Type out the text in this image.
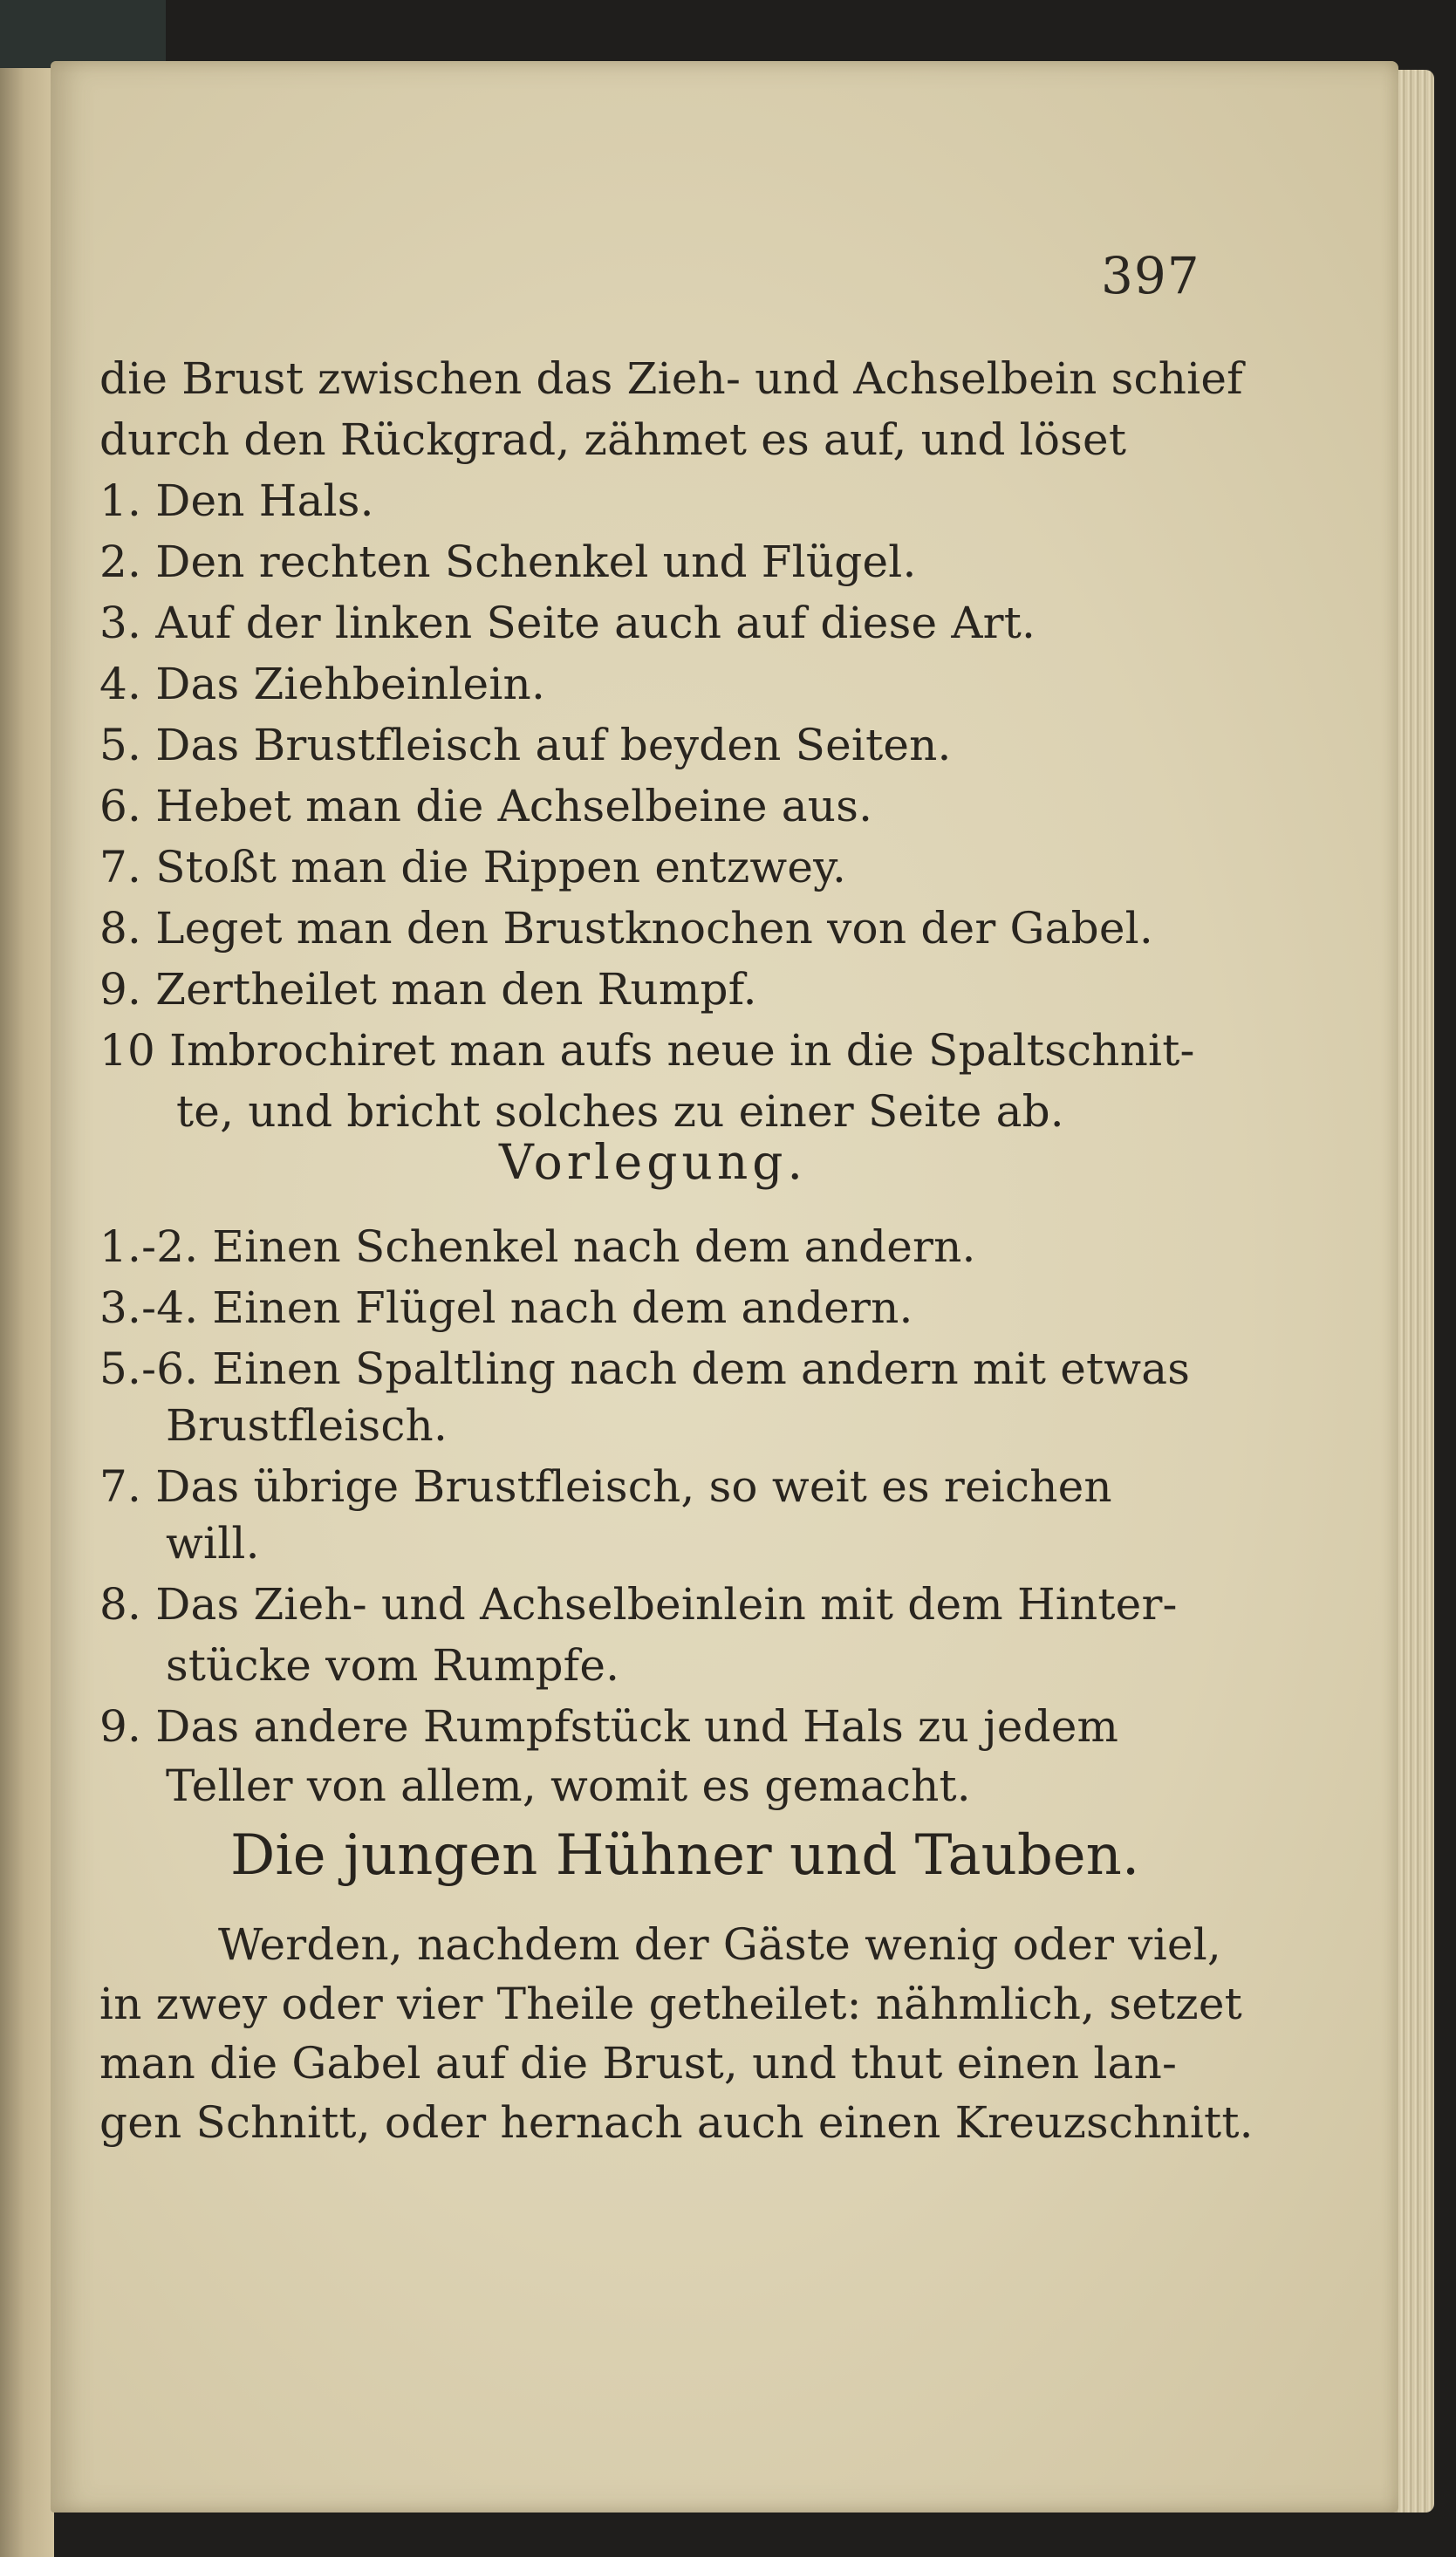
397
die Brust zwischen das Zieh- und Achselbein schief
durch den Rückgrad, zähmet es auf, und löset
1. Den Hals.
2. Den rechten Schenkel und Flügel.
3. Auf der linken Seite auch auf diese Art.
4. Das Ziehbeinlein.
5. Das Brustfleisch auf beyden Seiten.
6. Hebet man die Achselbeine aus.
7. Stoßt man die Rippen entzwey.
8. Leget man den Brustknochen von der Gabel.
9. Zertheilet man den Rumpf.
10 Imbrochiret man aufs neue in die Spaltschnit-
te, und bricht solches zu einer Seite ab.
Vorlegung.
1.-2. Einen Schenkel nach dem andern.
3.-4. Einen Flügel nach dem andern.
5.-6. Einen Spaltling nach dem andern mit etwas
Brustfleisch.
7. Das übrige Brustfleisch, so weit es reichen
will.
8. Das Zieh- und Achselbeinlein mit dem Hinter-
stücke vom Rumpfe.
9. Das andere Rumpfstück und Hals zu jedem
Teller von allem, womit es gemacht.
Die jungen Hühner und Tauben.
Werden, nachdem der Gäste wenig oder viel,
in zwey oder vier Theile getheilet: nähmlich, setzet
man die Gabel auf die Brust, und thut einen lan-
gen Schnitt, oder hernach auch einen Kreuzschnitt.
